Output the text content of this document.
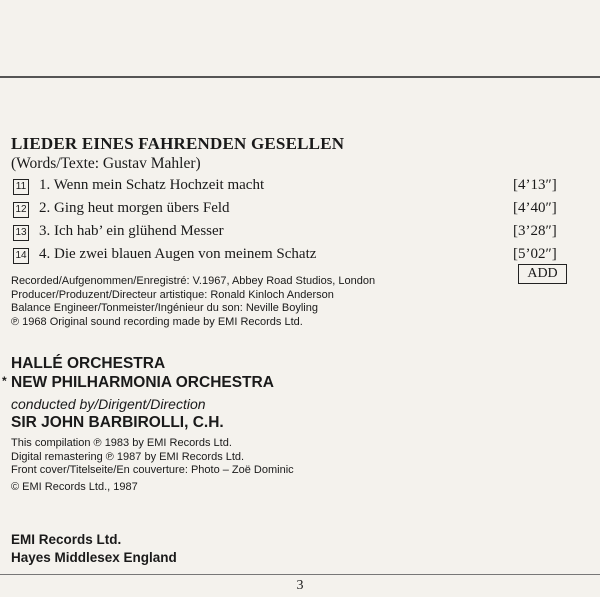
LIEDER EINES FAHRENDEN GESELLEN

(Words/Texte: Gustav Mahler)

11 1. Wenn mein Schatz Hochzeit macht	[4’13″]
12 2. Ging heut morgen übers Feld	[4’40″]
13 3. Ich hab’ ein glühend Messer	[3’28″]
14 4. Die zwei blauen Augen von meinem Schatz	[5’02″]
ADD

Recorded/Aufgenommen/Enregistré: V.1967, Abbey Road Studios, London

Producer/Produzent/Directeur artistique: Ronald Kinloch Anderson

Balance Engineer/Tonmeister/Ingénieur du son: Neville Boyling

℗ 1968 Original sound recording made by EMI Records Ltd.

HALLÉ ORCHESTRA

* NEW PHILHARMONIA ORCHESTRA

conducted by/Dirigent/Direction

SIR JOHN BARBIROLLI, C.H.

This compilation ℗ 1983 by EMI Records Ltd.

Digital remastering ℗ 1987 by EMI Records Ltd.

Front cover/Titelseite/En couverture: Photo – Zoë Dominic

© EMI Records Ltd., 1987

EMI Records Ltd.

Hayes Middlesex England

3
